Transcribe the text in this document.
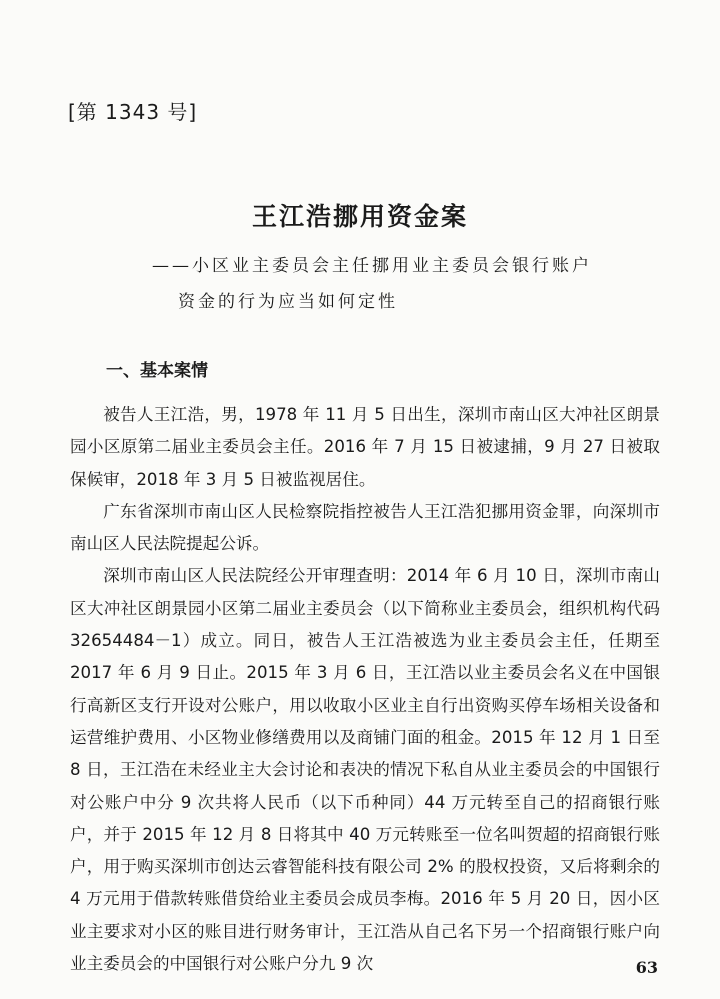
[第 1343 号]
王江浩挪用资金案
——小区业主委员会主任挪用业主委员会银行账户
资金的行为应当如何定性
一、基本案情

被告人王江浩，男，1978 年 11 月 5 日出生，深圳市南山区大冲社区朗景园小区原第二届业主委员会主任。2016 年 7 月 15 日被逮捕，9 月 27 日被取保候审，2018 年 3 月 5 日被监视居住。

广东省深圳市南山区人民检察院指控被告人王江浩犯挪用资金罪，向深圳市南山区人民法院提起公诉。

深圳市南山区人民法院经公开审理查明：2014 年 6 月 10 日，深圳市南山区大冲社区朗景园小区第二届业主委员会（以下简称业主委员会，组织机构代码 32654484－1）成立。同日，被告人王江浩被选为业主委员会主任，任期至 2017 年 6 月 9 日止。2015 年 3 月 6 日，王江浩以业主委员会名义在中国银行高新区支行开设对公账户，用以收取小区业主自行出资购买停车场相关设备和运营维护费用、小区物业修缮费用以及商铺门面的租金。2015 年 12 月 1 日至 8 日，王江浩在未经业主大会讨论和表决的情况下私自从业主委员会的中国银行对公账户中分 9 次共将人民币（以下币种同）44 万元转至自己的招商银行账户，并于 2015 年 12 月 8 日将其中 40 万元转账至一位名叫贺超的招商银行账户，用于购买深圳市创达云睿智能科技有限公司 2% 的股权投资，又后将剩余的 4 万元用于借款转账借贷给业主委员会成员李梅。2016 年 5 月 20 日，因小区业主要求对小区的账目进行财务审计，王江浩从自己名下另一个招商银行账户向业主委员会的中国银行对公账户分九 9 次	63
